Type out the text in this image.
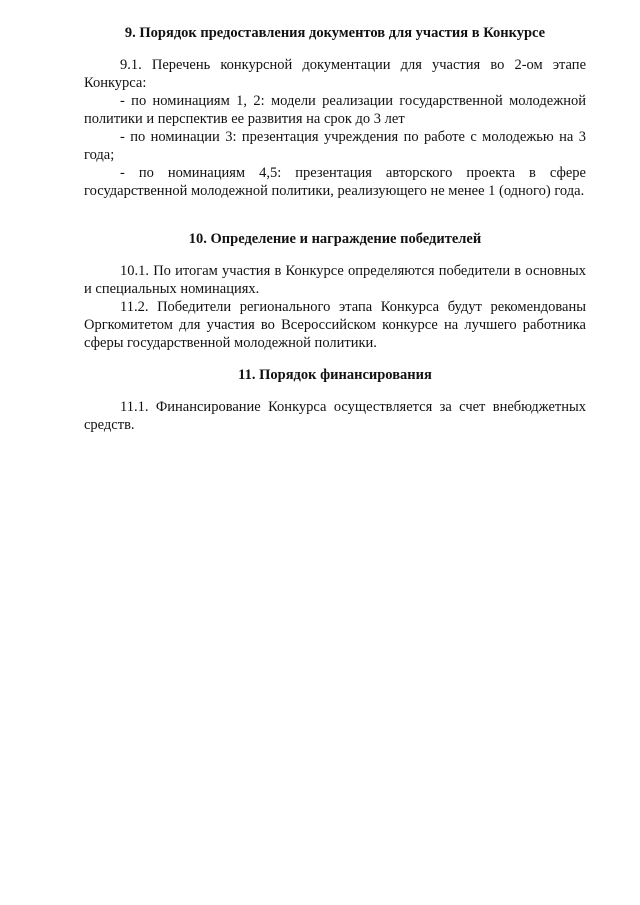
9. Порядок предоставления документов для участия в Конкурсе

9.1. Перечень конкурсной документации для участия во 2-ом этапе Конкурса:

- по номинациям 1, 2: модели реализации государственной молодежной политики и перспектив ее развития на срок до 3 лет

- по номинации 3: презентация учреждения по работе с молодежью на 3 года;

- по номинациям 4,5: презентация авторского проекта в сфере государственной молодежной политики, реализующего не менее 1 (одного) года.

10. Определение и награждение победителей

10.1. По итогам участия в Конкурсе определяются победители в основных и специальных номинациях.

11.2. Победители регионального этапа Конкурса будут рекомендованы Оргкомитетом для участия во Всероссийском конкурсе на лучшего работника сферы государственной молодежной политики.

11. Порядок финансирования

11.1. Финансирование Конкурса осуществляется за счет внебюджетных средств.
